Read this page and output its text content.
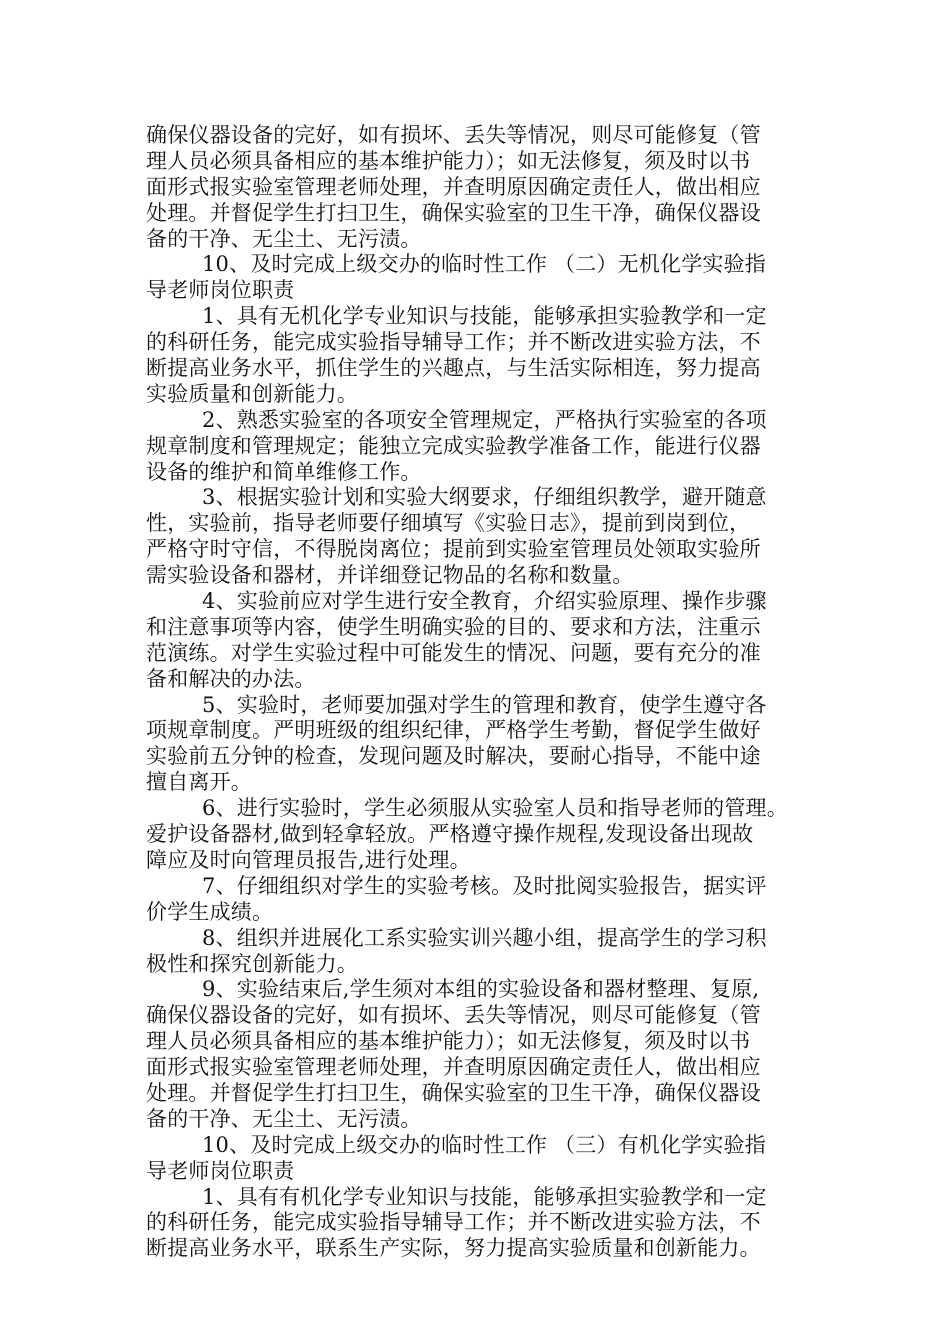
确保仪器设备的完好，如有损坏、丢失等情况，则尽可能修复（管
理人员必须具备相应的基本维护能力）；如无法修复，须及时以书
面形式报实验室管理老师处理，并查明原因确定责任人，做出相应
处理。并督促学生打扫卫生，确保实验室的卫生干净，确保仪器设
备的干净、无尘土、无污渍。
10、及时完成上级交办的临时性工作 （二）无机化学实验指
导老师岗位职责
1、具有无机化学专业知识与技能，能够承担实验教学和一定
的科研任务，能完成实验指导辅导工作；并不断改进实验方法，不
断提高业务水平，抓住学生的兴趣点，与生活实际相连，努力提高
实验质量和创新能力。
2、熟悉实验室的各项安全管理规定，严格执行实验室的各项
规章制度和管理规定；能独立完成实验教学准备工作，能进行仪器
设备的维护和简单维修工作。
3、根据实验计划和实验大纲要求，仔细组织教学，避开随意
性，实验前，指导老师要仔细填写《实验日志》，提前到岗到位，
严格守时守信，不得脱岗离位；提前到实验室管理员处领取实验所
需实验设备和器材，并详细登记物品的名称和数量。
4、实验前应对学生进行安全教育，介绍实验原理、操作步骤
和注意事项等内容，使学生明确实验的目的、要求和方法，注重示
范演练。对学生实验过程中可能发生的情况、问题，要有充分的准
备和解决的办法。
5、实验时，老师要加强对学生的管理和教育，使学生遵守各
项规章制度。严明班级的组织纪律，严格学生考勤，督促学生做好
实验前五分钟的检查，发现问题及时解决，要耐心指导，不能中途
擅自离开。
6、进行实验时，学生必须服从实验室人员和指导老师的管理。
爱护设备器材,做到轻拿轻放。严格遵守操作规程,发现设备出现故
障应及时向管理员报告,进行处理。
7、仔细组织对学生的实验考核。及时批阅实验报告，据实评
价学生成绩。
8、组织并进展化工系实验实训兴趣小组，提高学生的学习积
极性和探究创新能力。
9、实验结束后,学生须对本组的实验设备和器材整理、复原,
确保仪器设备的完好，如有损坏、丢失等情况，则尽可能修复（管
理人员必须具备相应的基本维护能力）；如无法修复，须及时以书
面形式报实验室管理老师处理，并查明原因确定责任人，做出相应
处理。并督促学生打扫卫生，确保实验室的卫生干净，确保仪器设
备的干净、无尘土、无污渍。
10、及时完成上级交办的临时性工作 （三）有机化学实验指
导老师岗位职责
1、具有有机化学专业知识与技能，能够承担实验教学和一定
的科研任务，能完成实验指导辅导工作；并不断改进实验方法，不
断提高业务水平，联系生产实际，努力提高实验质量和创新能力。
